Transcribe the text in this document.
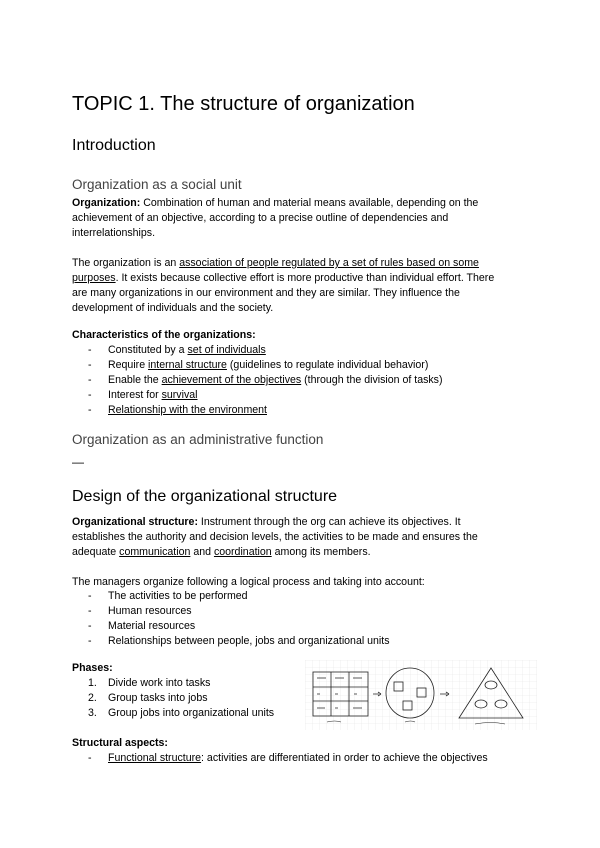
TOPIC 1. The structure of organization
Introduction
Organization as a social unit
Organization: Combination of human and material means available, depending on the
achievement of an objective, according to a precise outline of dependencies and
interrelationships.
The organization is an association of people regulated by a set of rules based on some
purposes. It exists because collective effort is more productive than individual effort. There
are many organizations in our environment and they are similar. They influence the
development of individuals and the society.
Characteristics of the organizations:
- Constituted by a set of individuals
- Require internal structure (guidelines to regulate individual behavior)
- Enable the achievement of the objectives (through the division of tasks)
- Interest for survival
- Relationship with the environment
Organization as an administrative function
—
Design of the organizational structure
Organizational structure: Instrument through the org can achieve its objectives. It
establishes the authority and decision levels, the activities to be made and ensures the
adequate communication and coordination among its members.
The managers organize following a logical process and taking into account:
- The activities to be performed
- Human resources
- Material resources
- Relationships between people, jobs and organizational units
Phases:
1. Divide work into tasks
2. Group tasks into jobs
3. Group jobs into organizational units
Structural aspects:
- Functional structure: activities are differentiated in order to achieve the objectives
